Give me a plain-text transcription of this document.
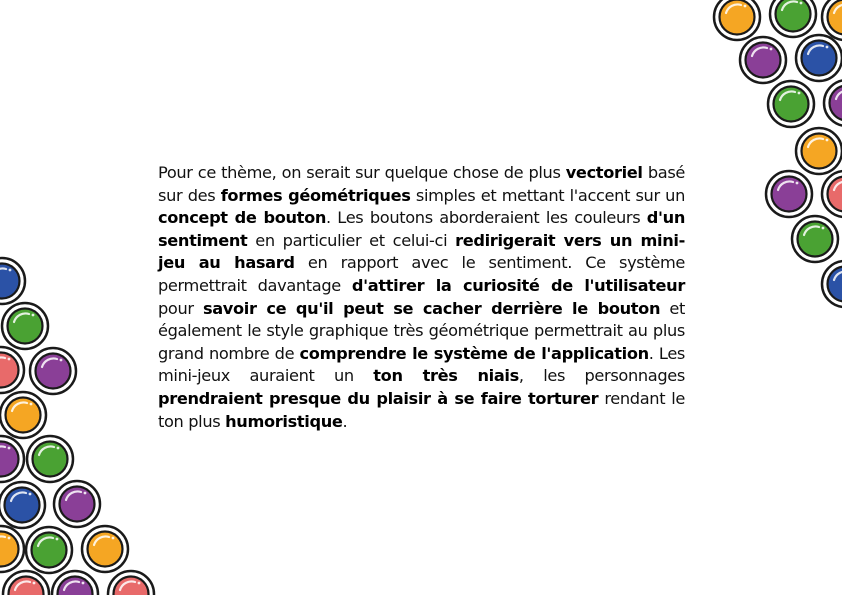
Pour ce thème, on serait sur quelque chose de plus vectoriel basé sur des formes géométriques simples et mettant l'accent sur un concept de bouton. Les boutons aborderaient les couleurs d'un sentiment en particulier et celui-ci redirigerait vers un mini-jeu au hasard en rapport avec le sentiment. Ce système permettrait davantage d'attirer la curiosité de l'utilisateur pour savoir ce qu'il peut se cacher derrière le bouton et également le style graphique très géométrique permettrait au plus grand nombre de comprendre le système de l'application. Les mini-jeux auraient un ton très niais, les personnages prendraient presque du plaisir à se faire torturer rendant le ton plus humoristique.
